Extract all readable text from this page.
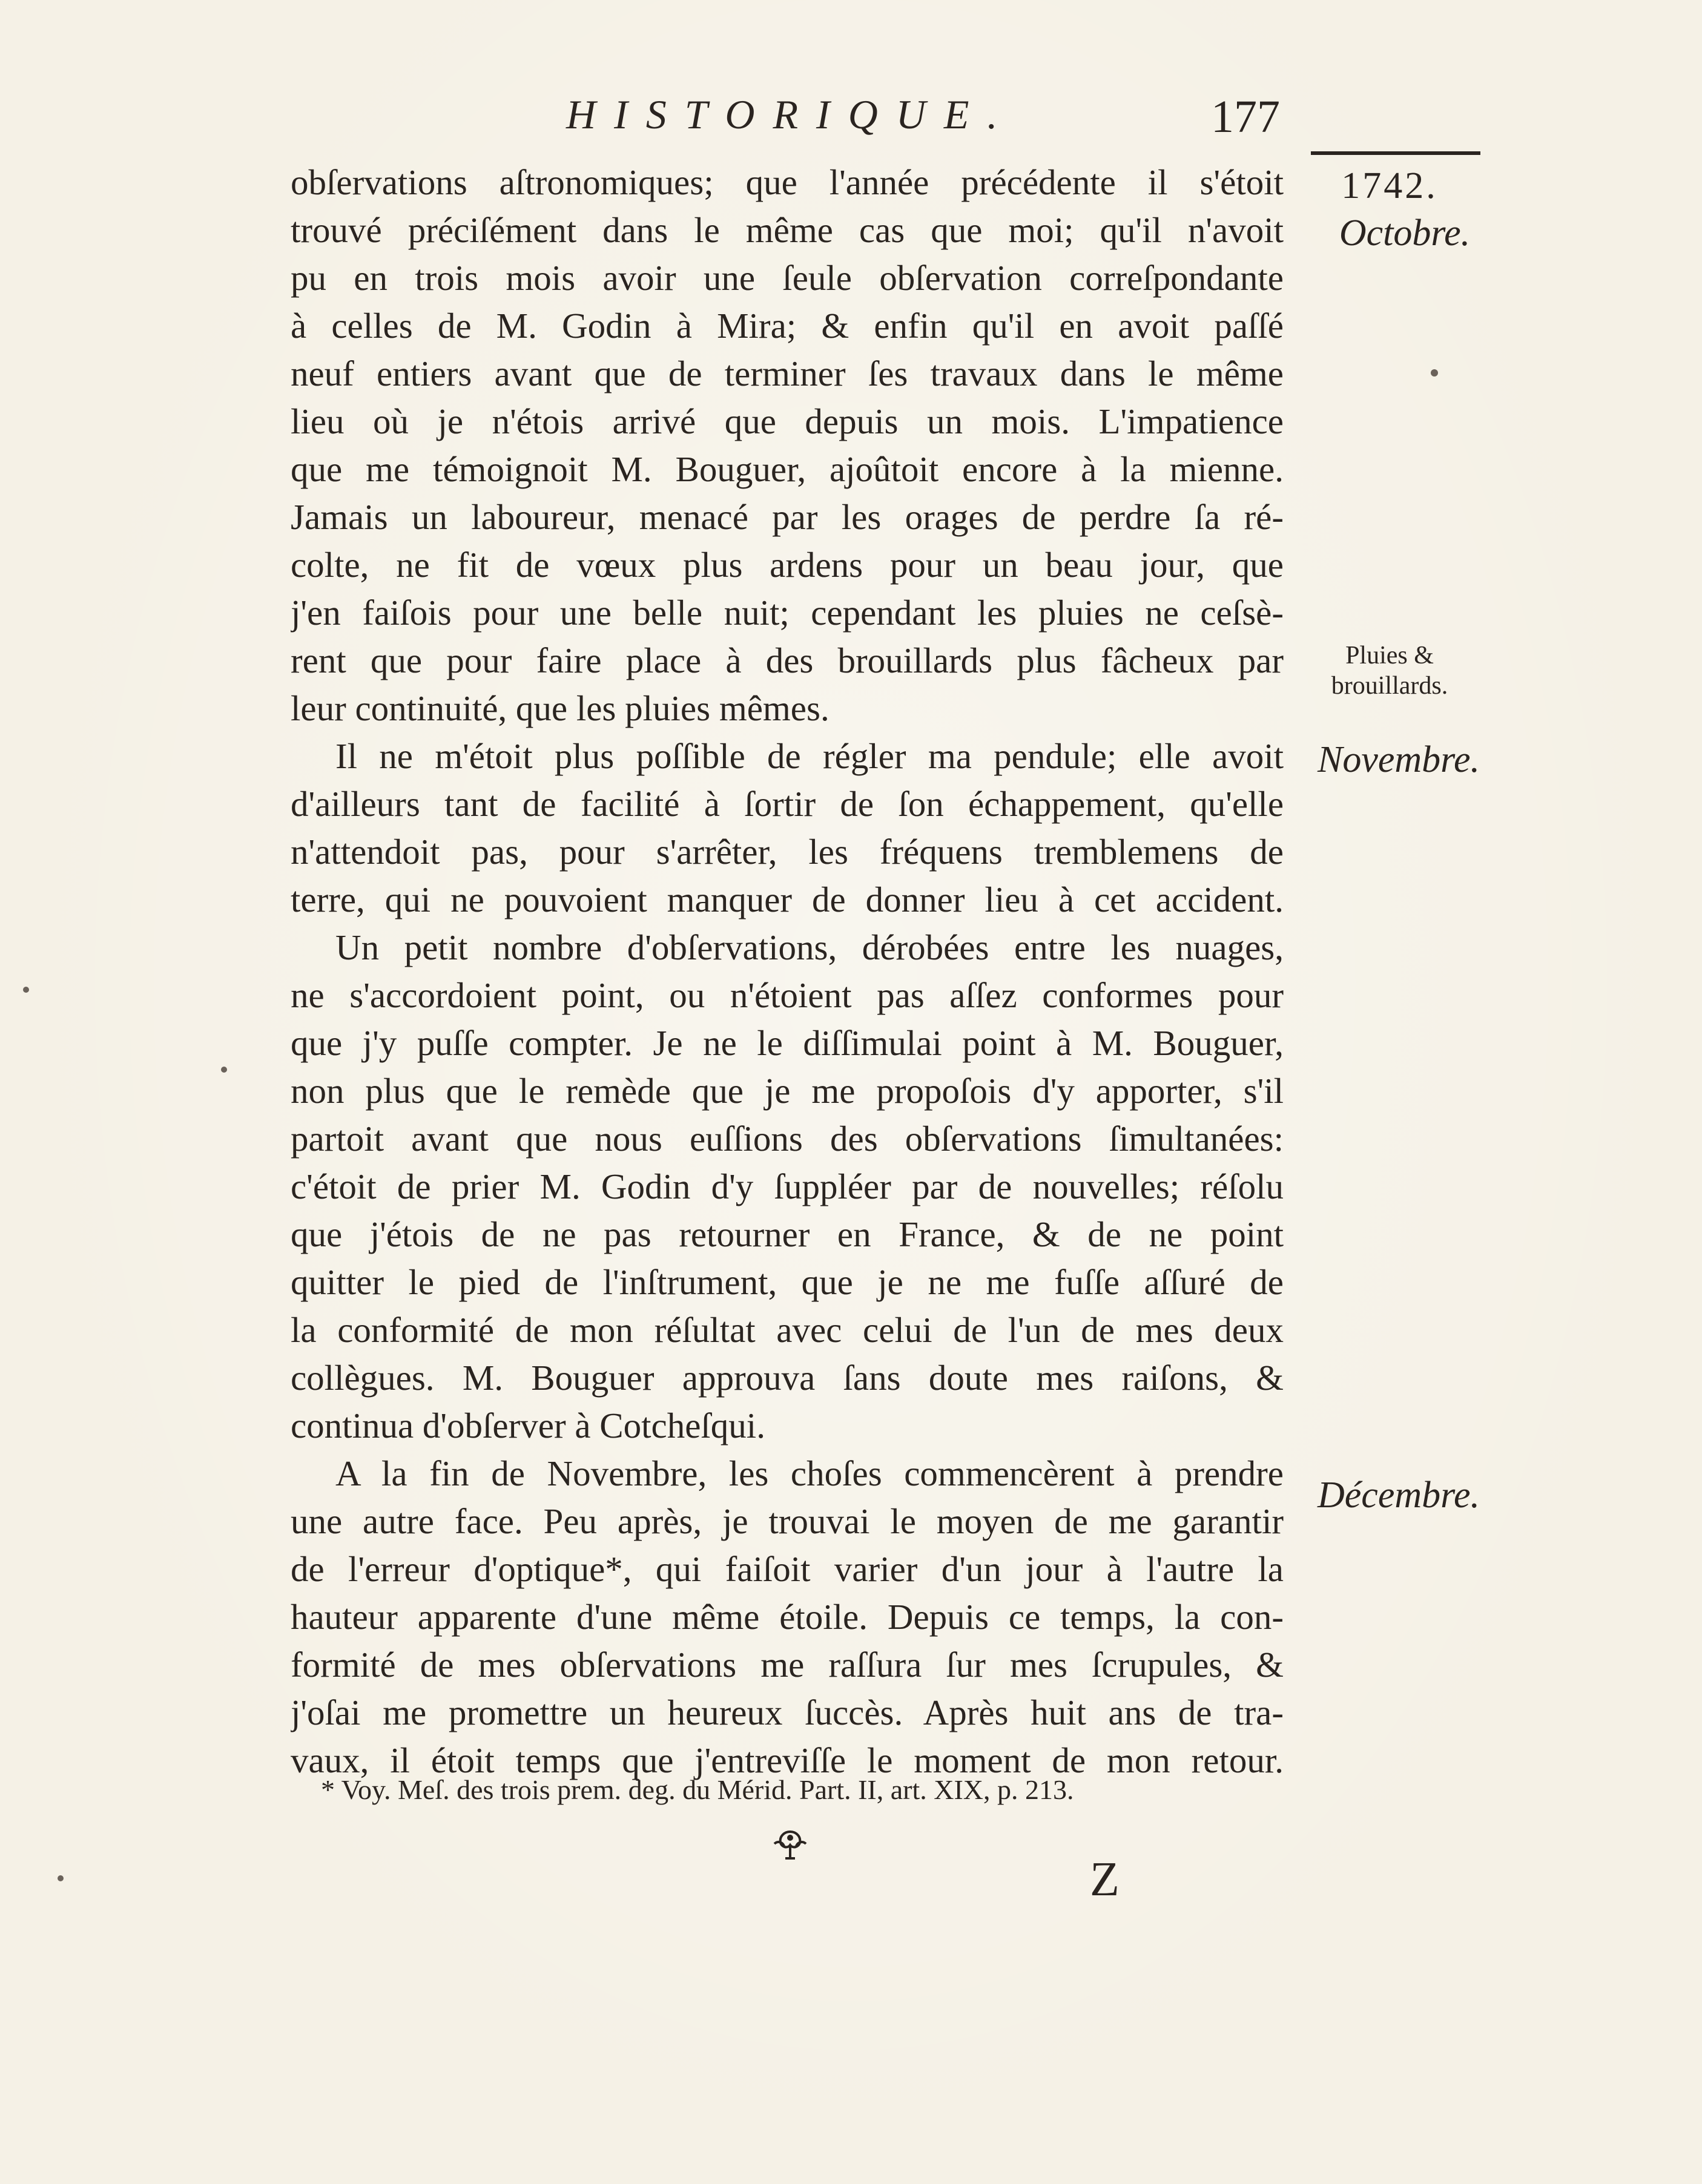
HISTORIQUE.	177
1742.
Octobre.
Pluies &
brouillards.
Novembre.
Décembre.
obſervations aſtronomiques; que l'année précédente il s'étoit
trouvé préciſément dans le même cas que moi; qu'il n'avoit
pu en trois mois avoir une ſeule obſervation correſpondante
à celles de M. Godin à Mira; & enfin qu'il en avoit paſſé
neuf entiers avant que de terminer ſes travaux dans le même
lieu où je n'étois arrivé que depuis un mois. L'impatience
que me témoignoit M. Bouguer, ajoûtoit encore à la mienne.
Jamais un laboureur, menacé par les orages de perdre ſa ré-
colte, ne fit de vœux plus ardens pour un beau jour, que
j'en faiſois pour une belle nuit; cependant les pluies ne ceſsè-
rent que pour faire place à des brouillards plus fâcheux par
leur continuité, que les pluies mêmes.
Il ne m'étoit plus poſſible de régler ma pendule; elle avoit
d'ailleurs tant de facilité à ſortir de ſon échappement, qu'elle
n'attendoit pas, pour s'arrêter, les fréquens tremblemens de
terre, qui ne pouvoient manquer de donner lieu à cet accident.
Un petit nombre d'obſervations, dérobées entre les nuages,
ne s'accordoient point, ou n'étoient pas aſſez conformes pour
que j'y puſſe compter. Je ne le diſſimulai point à M. Bouguer,
non plus que le remède que je me propoſois d'y apporter, s'il
partoit avant que nous euſſions des obſervations ſimultanées:
c'étoit de prier M. Godin d'y ſuppléer par de nouvelles; réſolu
que j'étois de ne pas retourner en France, & de ne point
quitter le pied de l'inſtrument, que je ne me fuſſe aſſuré de
la conformité de mon réſultat avec celui de l'un de mes deux
collègues. M. Bouguer approuva ſans doute mes raiſons, &
continua d'obſerver à Cotcheſqui.
A la fin de Novembre, les choſes commencèrent à prendre
une autre face. Peu après, je trouvai le moyen de me garantir
de l'erreur d'optique*, qui faiſoit varier d'un jour à l'autre la
hauteur apparente d'une même étoile. Depuis ce temps, la con-
formité de mes obſervations me raſſura ſur mes ſcrupules, &
j'oſai me promettre un heureux ſuccès. Après huit ans de tra-
vaux, il étoit temps que j'entreviſſe le moment de mon retour.
* Voy. Meſ. des trois prem. deg. du Mérid. Part. II, art. XIX, p. 213.
Z
